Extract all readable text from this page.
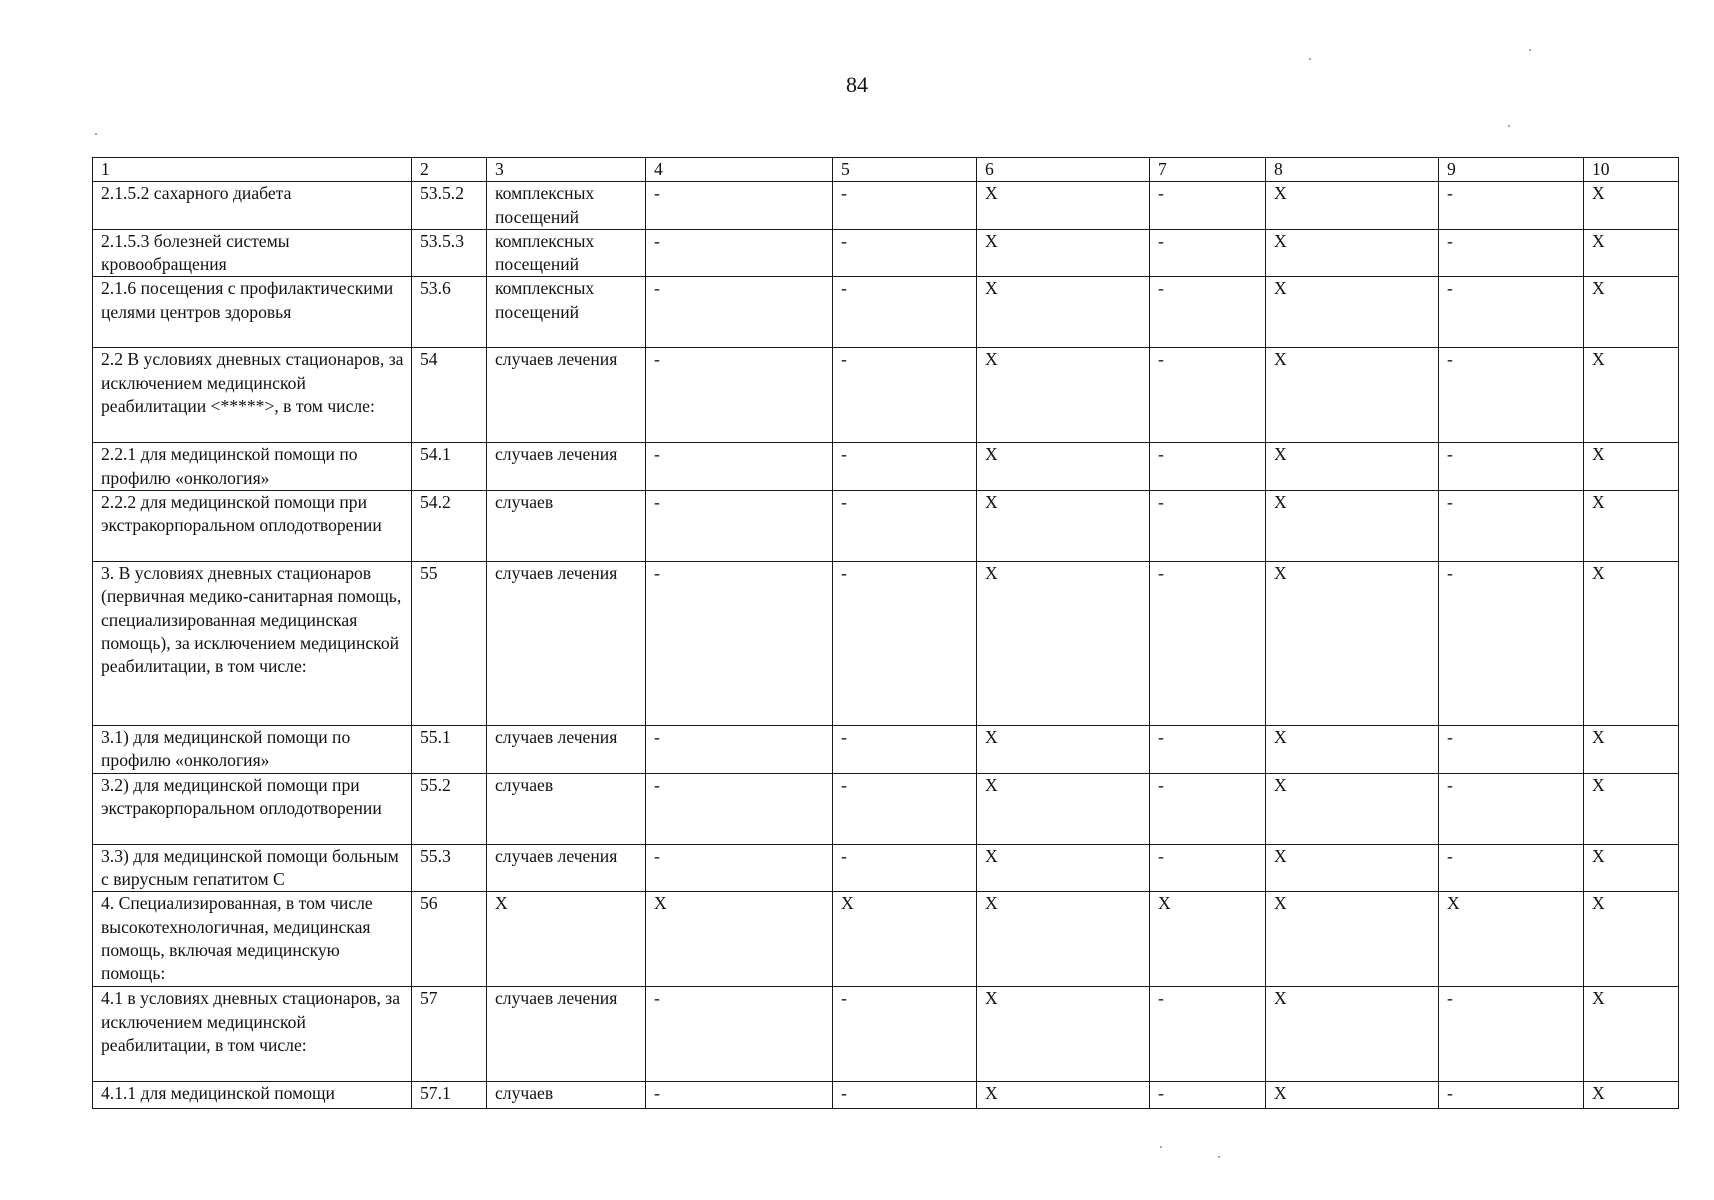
84
1	2	3	4	5	6	7	8	9	10
2.1.5.2 сахарного диабета	53.5.2	комплексных посещений	-	-	X	-	X	-	X
2.1.5.3 болезней системы кровообращения	53.5.3	комплексных посещений	-	-	X	-	X	-	X
2.1.6 посещения с профилактическими целями центров здоровья	53.6	комплексных посещений	-	-	X	-	X	-	X
2.2 В условиях дневных стационаров, за исключением медицинской реабилитации <*****>, в том числе:	54	случаев лечения	-	-	X	-	X	-	X
2.2.1 для медицинской помощи по профилю «онкология»	54.1	случаев лечения	-	-	X	-	X	-	X
2.2.2 для медицинской помощи при экстракорпоральном оплодотворении	54.2	случаев	-	-	X	-	X	-	X
3. В условиях дневных стационаров (первичная медико-санитарная помощь, специализированная медицинская помощь), за исключением медицинской реабилитации, в том числе:	55	случаев лечения	-	-	X	-	X	-	X
3.1) для медицинской помощи по профилю «онкология»	55.1	случаев лечения	-	-	X	-	X	-	X
3.2) для медицинской помощи при экстракорпоральном оплодотворении	55.2	случаев	-	-	X	-	X	-	X
3.3) для медицинской помощи больным с вирусным гепатитом C	55.3	случаев лечения	-	-	X	-	X	-	X
4. Специализированная, в том числе высокотехнологичная, медицинская помощь, включая медицинскую помощь:	56	X	X	X	X	X	X	X	X
4.1 в условиях дневных стационаров, за исключением медицинской реабилитации, в том числе:	57	случаев лечения	-	-	X	-	X	-	X
4.1.1 для медицинской помощи	57.1	случаев	-	-	X	-	X	-	X
